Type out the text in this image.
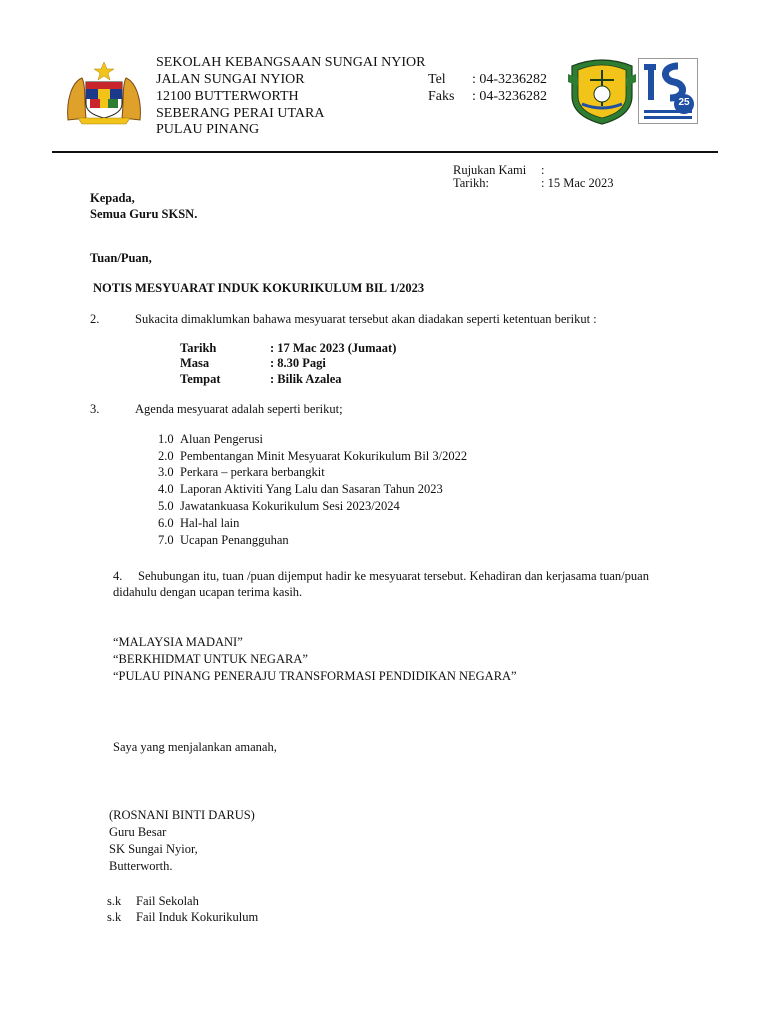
SEKOLAH KEBANGSAAN SUNGAI NYIOR
JALAN SUNGAI NYIOR
12100 BUTTERWORTH
SEBERANG PERAI UTARA
PULAU PINANG
Tel : 04-3236282
Faks : 04-3236282	25
Rujukan Kami :
Tarikh:	: 15 Mac 2023
Kepada,
Semua Guru SKSN.
Tuan/Puan,
NOTIS MESYUARAT INDUK KOKURIKULUM BIL 1/2023
2.	Sukacita dimaklumkan bahawa mesyuarat tersebut akan diadakan seperti ketentuan berikut :
Tarikh	: 17 Mac 2023 (Jumaat)
Masa	: 8.30 Pagi
Tempat	: Bilik Azalea
3.	Agenda mesyuarat adalah seperti berikut;
1.0 Aluan Pengerusi
2.0 Pembentangan Minit Mesyuarat Kokurikulum Bil 3/2022
3.0 Perkara – perkara berbangkit
4.0 Laporan Aktiviti Yang Lalu dan Sasaran Tahun 2023
5.0 Jawatankuasa Kokurikulum Sesi 2023/2024
6.0 Hal-hal lain
7.0 Ucapan Penangguhan
4.     Sehubungan itu, tuan /puan dijemput hadir ke mesyuarat tersebut. Kehadiran dan kerjasama tuan/puan
didahulu dengan ucapan terima kasih.
“MALAYSIA MADANI”
“BERKHIDMAT UNTUK NEGARA”
“PULAU PINANG PENERAJU TRANSFORMASI PENDIDIKAN NEGARA”
Saya yang menjalankan amanah,
(ROSNANI BINTI DARUS)
Guru Besar
SK Sungai Nyior,
Butterworth.
s.k Fail Sekolah
s.k Fail Induk Kokurikulum
